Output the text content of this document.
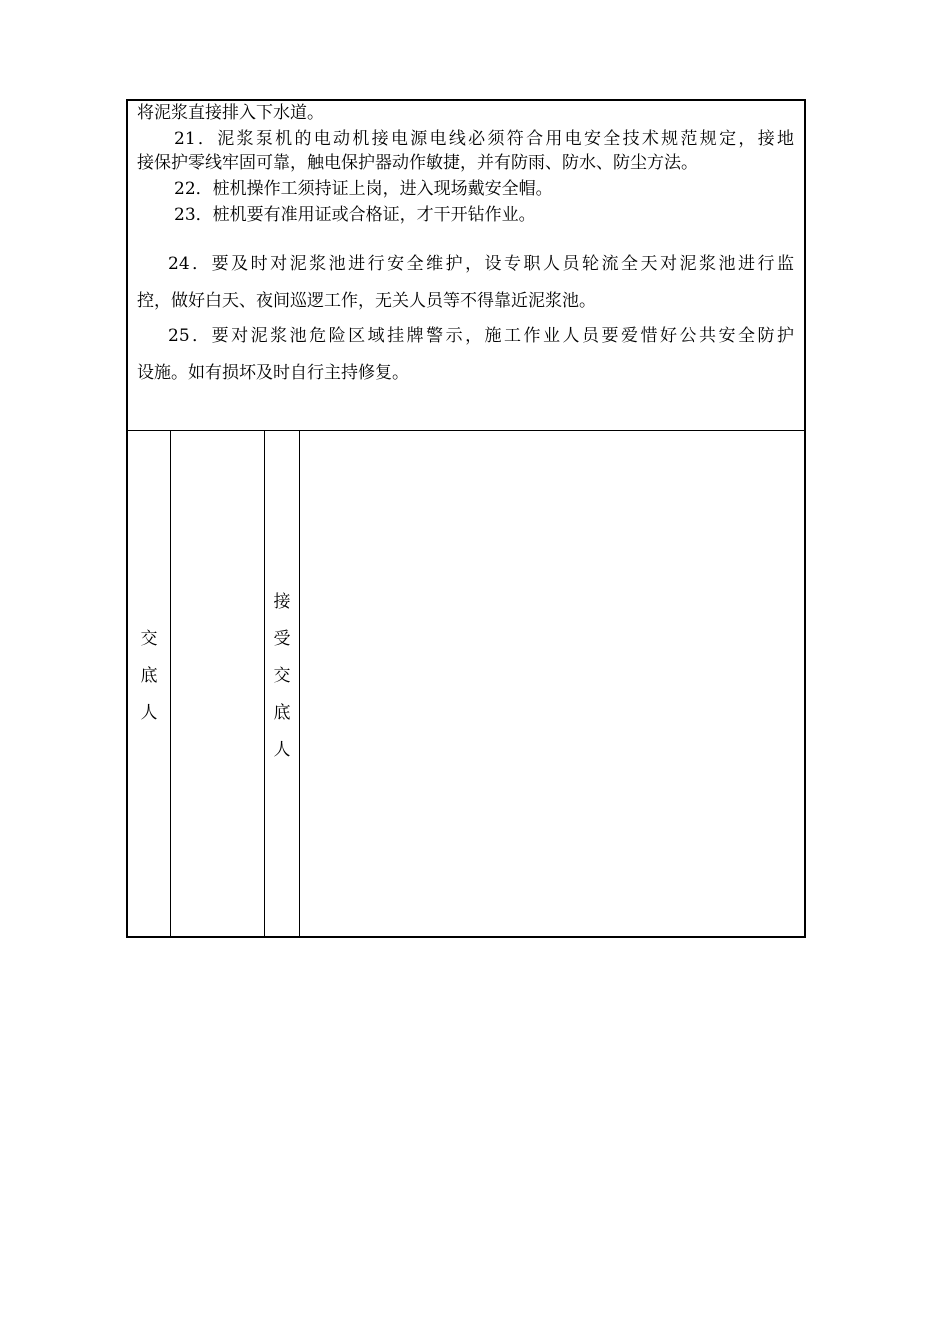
将泥浆直接排入下水道。
21．泥浆泵机的电动机接电源电线必须符合用电安全技术规范规定，接地
接保护零线牢固可靠，触电保护器动作敏捷，并有防雨、防水、防尘方法。
22．桩机操作工须持证上岗，进入现场戴安全帽。
23．桩机要有准用证或合格证，才干开钻作业。
24．要及时对泥浆池进行安全维护，设专职人员轮流全天对泥浆池进行监
控，做好白天、夜间巡逻工作，无关人员等不得靠近泥浆池。
25．要对泥浆池危险区域挂牌警示，施工作业人员要爱惜好公共安全防护
设施。如有损坏及时自行主持修复。
交
底
人
接
受
交
底
人
